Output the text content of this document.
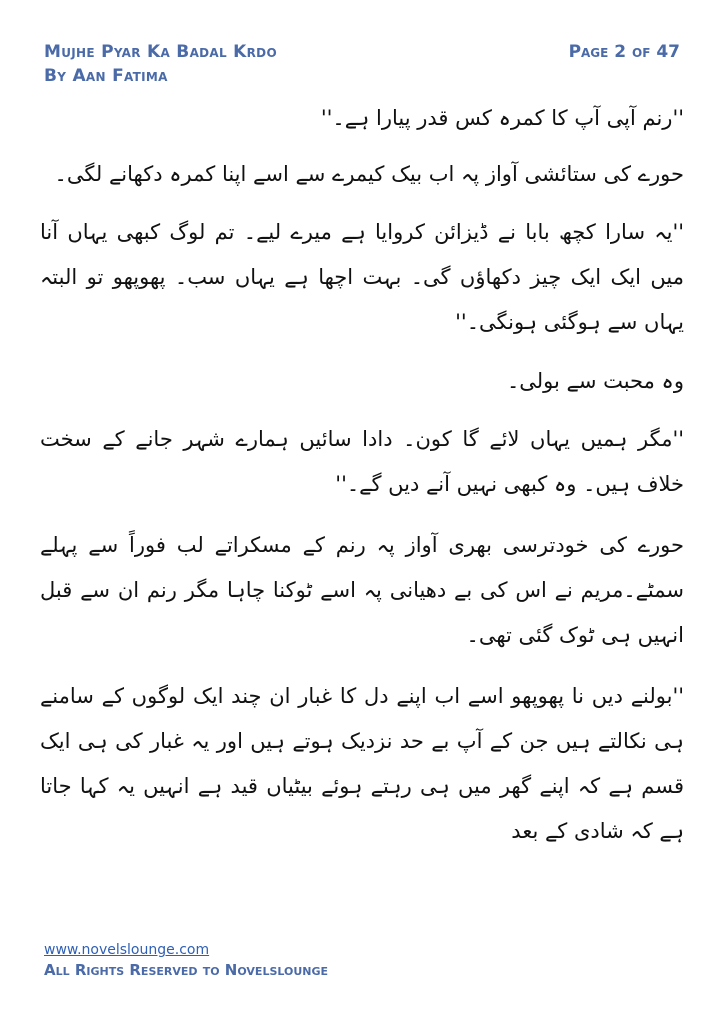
Mujhe Pyar Ka Badal Krdo
By Aan Fatima
Page 2 of 47

''رنم آپی آپ کا کمرہ کس قدر پیارا ہے۔''

حورے کی ستائشی آواز پہ اب بیک کیمرے سے اسے اپنا کمرہ دکھانے لگی۔

''یہ سارا کچھ بابا نے ڈیزائن کروایا ہے میرے لیے۔ تم لوگ کبھی یہاں آنا میں ایک ایک چیز دکھاؤں گی۔ بہت اچھا ہے یہاں سب۔ پھوپھو تو البتہ یہاں سے ہوگئی ہونگی۔''

وہ محبت سے بولی۔

''مگر ہمیں یہاں لائے گا کون۔ دادا سائیں ہمارے شہر جانے کے سخت خلاف ہیں۔ وہ کبھی نہیں آنے دیں گے۔''

حورے کی خودترسی بھری آواز پہ رنم کے مسکراتے لب فوراً سے پہلے سمٹے۔مریم نے اس کی بے دھیانی پہ اسے ٹوکنا چاہا مگر رنم ان سے قبل انہیں ہی ٹوک گئی تھی۔

''بولنے دیں نا پھوپھو اسے اب اپنے دل کا غبار ان چند ایک لوگوں کے سامنے ہی نکالتے ہیں جن کے آپ بے حد نزدیک ہوتے ہیں اور یہ غبار کی ہی ایک قسم ہے کہ اپنے گھر میں ہی رہتے ہوئے بیٹیاں قید ہے انہیں یہ کہا جاتا ہے کہ شادی کے بعد

www.novelslounge.com
All Rights Reserved to Novelslounge
